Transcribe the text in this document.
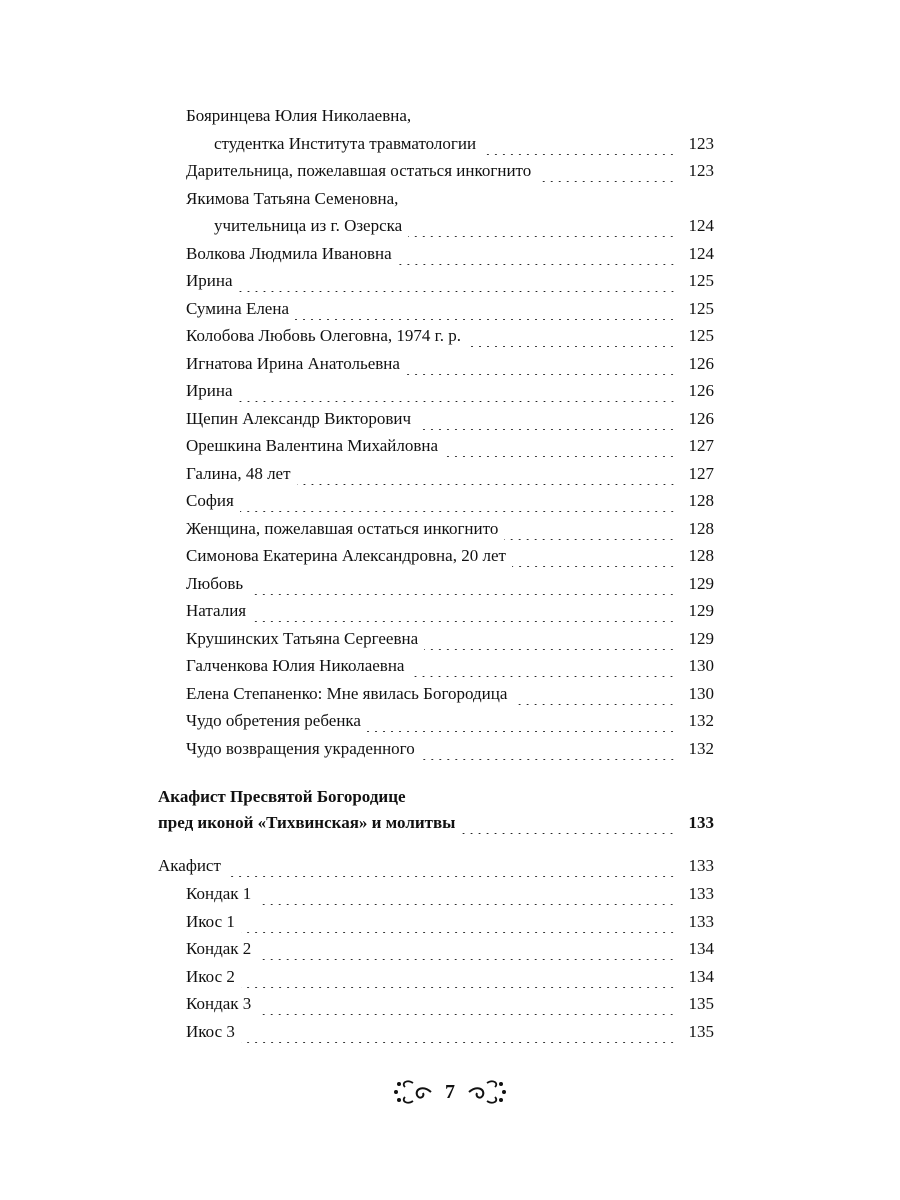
Бояринцева Юлия Николаевна,
студентка Института травматологии	123
Дарительница, пожелавшая остаться инкогнито	123
Якимова Татьяна Семеновна,
учительница из г. Озерска	124
Волкова Людмила Ивановна	124
Ирина	125
Сумина Елена	125
Колобова Любовь Олеговна, 1974 г. р.	125
Игнатова Ирина Анатольевна	126
Ирина	126
Щепин Александр Викторович	126
Орешкина Валентина Михайловна	127
Галина, 48 лет	127
София	128
Женщина, пожелавшая остаться инкогнито	128
Симонова Екатерина Александровна, 20 лет	128
Любовь	129
Наталия	129
Крушинских Татьяна Сергеевна	129
Галченкова Юлия Николаевна	130
Елена Степаненко: Мне явилась Богородица	130
Чудо обретения ребенка	132
Чудо возвращения украденного	132
Акафист Пресвятой Богородице
пред иконой «Тихвинская» и молитвы	133
Акафист	133
Кондак 1	133
Икос 1	133
Кондак 2	134
Икос 2	134
Кондак 3	135
Икос 3	135
7
